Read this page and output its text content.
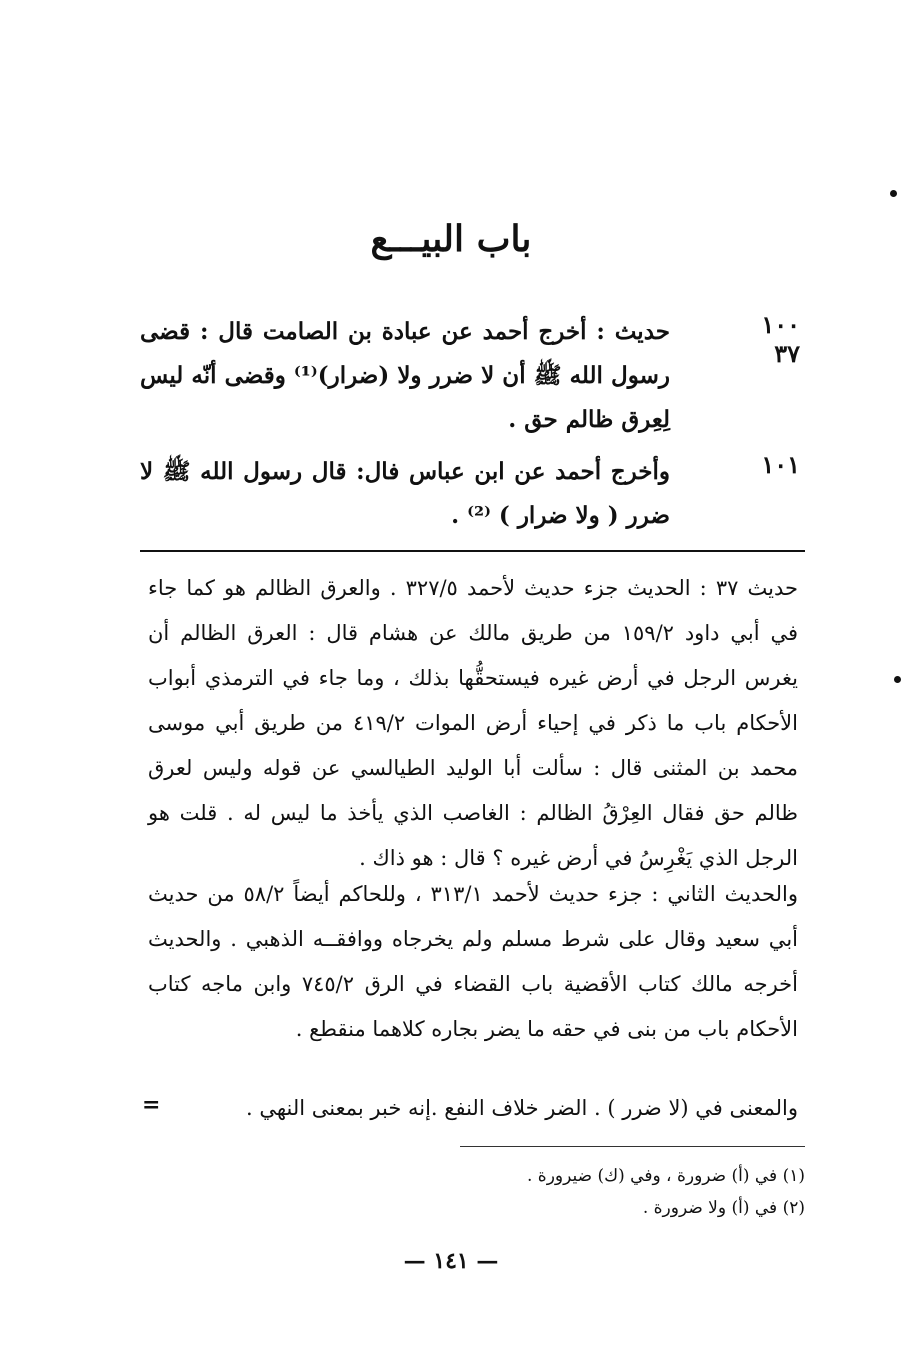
باب البيـــع
١٠٠ ٣٧
حديث : أخرج أحمد عن عبادة بن الصامت قال : قضى رسول الله ﷺ أن لا ضرر ولا (ضرار)⁽¹⁾ وقضى أنّه ليس لِعِرق ظالم حق .
١٠١
وأخرج أحمد عن ابن عباس فال: قال رسول الله ﷺ لا ضرر ( ولا ضرار ) ⁽²⁾ .

حديث ٣٧ : الحديث جزء حديث لأحمد ٣٢٧/٥ . والعرق الظالم هو كما جاء في أبي داود ١٥٩/٢ من طريق مالك عن هشام قال : العرق الظالم أن يغرس الرجل في أرض غيره فيستحقُّها بذلك ، وما جاء في الترمذي أبواب الأحكام باب ما ذكر في إحياء أرض الموات ٤١٩/٢ من طريق أبي موسى محمد بن المثنى قال : سألت أبا الوليد الطيالسي عن قوله وليس لعرق ظالم حق فقال العِرْقُ الظالم : الغاصب الذي يأخذ ما ليس له . قلت هو الرجل الذي يَغْرِسُ في أرض غيره ؟ قال : هو ذاك .

والحديث الثاني : جزء حديث لأحمد ٣١٣/١ ، وللحاكم أيضاً ٥٨/٢ من حديث أبي سعيد وقال على شرط مسلم ولم يخرجاه ووافقــه الذهبي . والحديث أخرجه مالك كتاب الأقضية باب القضاء في الرق ٧٤٥/٢ وابن ماجه كتاب الأحكام باب من بنى في حقه ما يضر بجاره كلاهما منقطع .

والمعنى في (لا ضرر ) . الضر خلاف النفع .إنه خبر بمعنى النهي .

=
(١) في (أ) ضرورة ، وفي (ك) ضيرورة .
(٢) في (أ) ولا ضرورة .
— ١٤١ —
